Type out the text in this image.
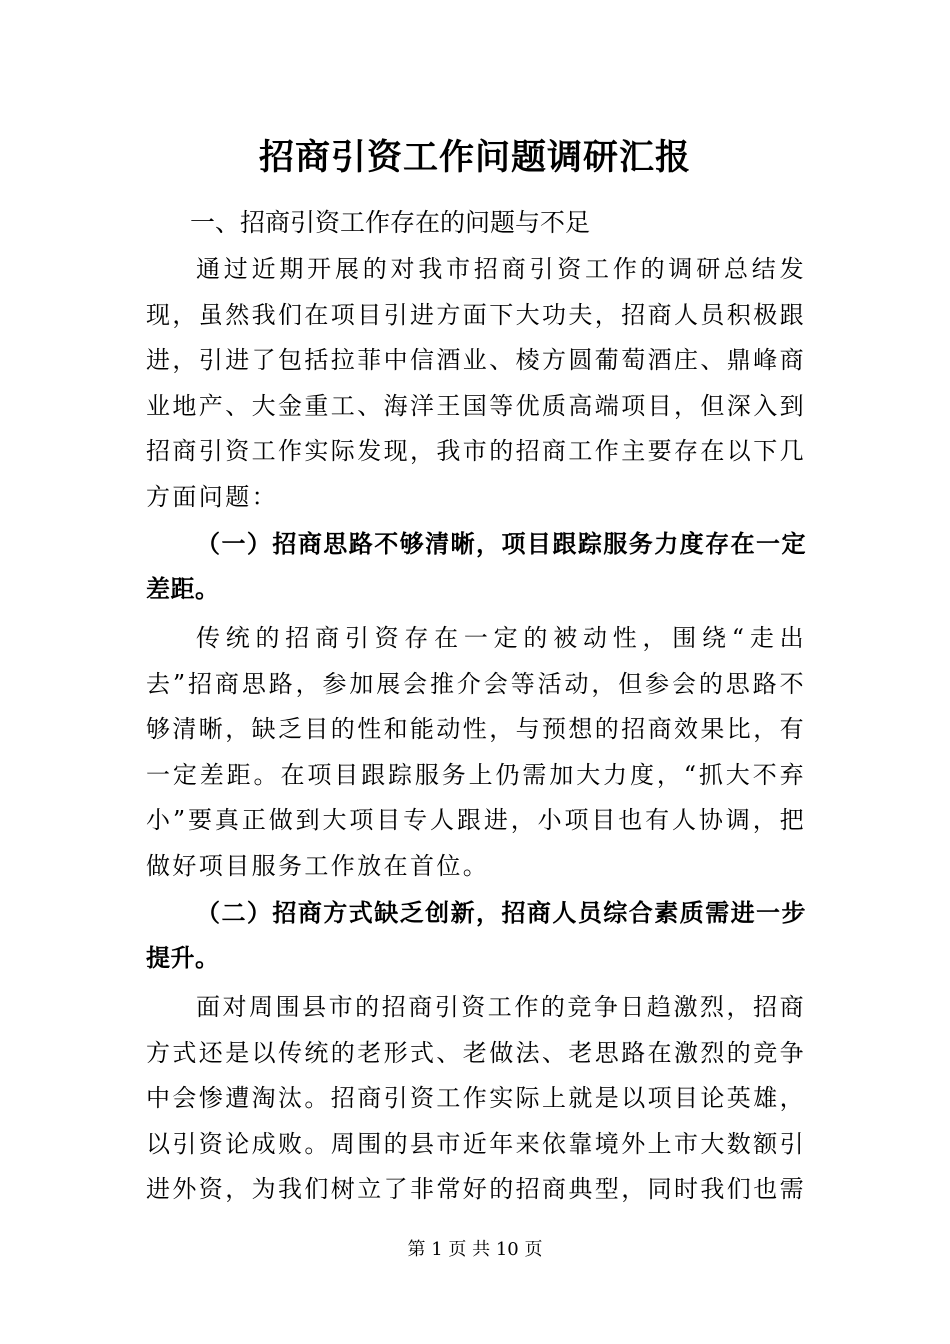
招商引资工作问题调研汇报

一、招商引资工作存在的问题与不足

通过近期开展的对我市招商引资工作的调研总结发现，虽然我们在项目引进方面下大功夫，招商人员积极跟进，引进了包括拉菲中信酒业、棱方圆葡萄酒庄、鼎峰商业地产、大金重工、海洋王国等优质高端项目，但深入到招商引资工作实际发现，我市的招商工作主要存在以下几方面问题：

（一）招商思路不够清晰，项目跟踪服务力度存在一定差距。

传统的招商引资存在一定的被动性，围绕“走出去”招商思路，参加展会推介会等活动，但参会的思路不够清晰，缺乏目的性和能动性，与预想的招商效果比，有一定差距。在项目跟踪服务上仍需加大力度，“抓大不弃小”要真正做到大项目专人跟进，小项目也有人协调，把做好项目服务工作放在首位。

（二）招商方式缺乏创新，招商人员综合素质需进一步提升。

面对周围县市的招商引资工作的竞争日趋激烈，招商方式还是以传统的老形式、老做法、老思路在激烈的竞争中会惨遭淘汰。招商引资工作实际上就是以项目论英雄，以引资论成败。周围的县市近年来依靠境外上市大数额引进外资，为我们树立了非常好的招商典型，同时我们也需

第 1 页 共 10 页
